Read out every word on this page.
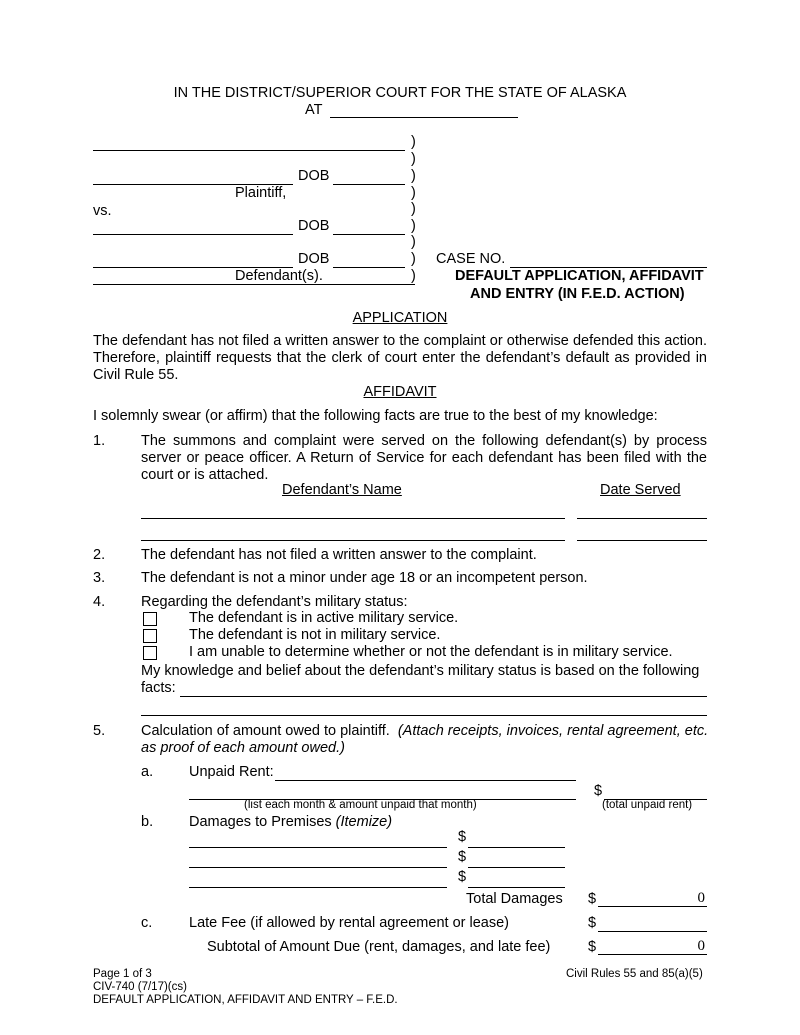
IN THE DISTRICT/SUPERIOR COURT FOR THE STATE OF ALASKA
AT
DOB
Plaintiff,
vs.
DOB
DOB
Defendant(s).
)
)
)
)
)
)
)
)
)
CASE NO.
DEFAULT APPLICATION, AFFIDAVIT
AND ENTRY (IN F.E.D. ACTION)
APPLICATION
The defendant has not filed a written answer to the complaint or otherwise defended this action. Therefore, plaintiff requests that the clerk of court enter the defendant’s default as provided in Civil Rule 55.
AFFIDAVIT
I solemnly swear (or affirm) that the following facts are true to the best of my knowledge:
1. The summons and complaint were served on the following defendant(s) by process server or peace officer. A Return of Service for each defendant has been filed with the court or is attached.
Defendant’s Name	Date Served
2. The defendant has not filed a written answer to the complaint.
3. The defendant is not a minor under age 18 or an incompetent person.
4. Regarding the defendant’s military status:
The defendant is in active military service.
The defendant is not in military service.
I am unable to determine whether or not the defendant is in military service.
My knowledge and belief about the defendant’s military status is based on the following
facts:
5. Calculation of amount owed to plaintiff. (Attach receipts, invoices, rental agreement, etc.
as proof of each amount owed.)
a. Unpaid Rent:
$
(list each month & amount unpaid that month)	(total unpaid rent)
b. Damages to Premises (Itemize)
$
$
$
Total Damages $	0
c.	Late Fee (if allowed by rental agreement or lease)	$
Subtotal of Amount Due (rent, damages, and late fee)	$	0
Page 1 of 3
CIV-740 (7/17)(cs)
DEFAULT APPLICATION, AFFIDAVIT AND ENTRY – F.E.D.
Civil Rules 55 and 85(a)(5)
